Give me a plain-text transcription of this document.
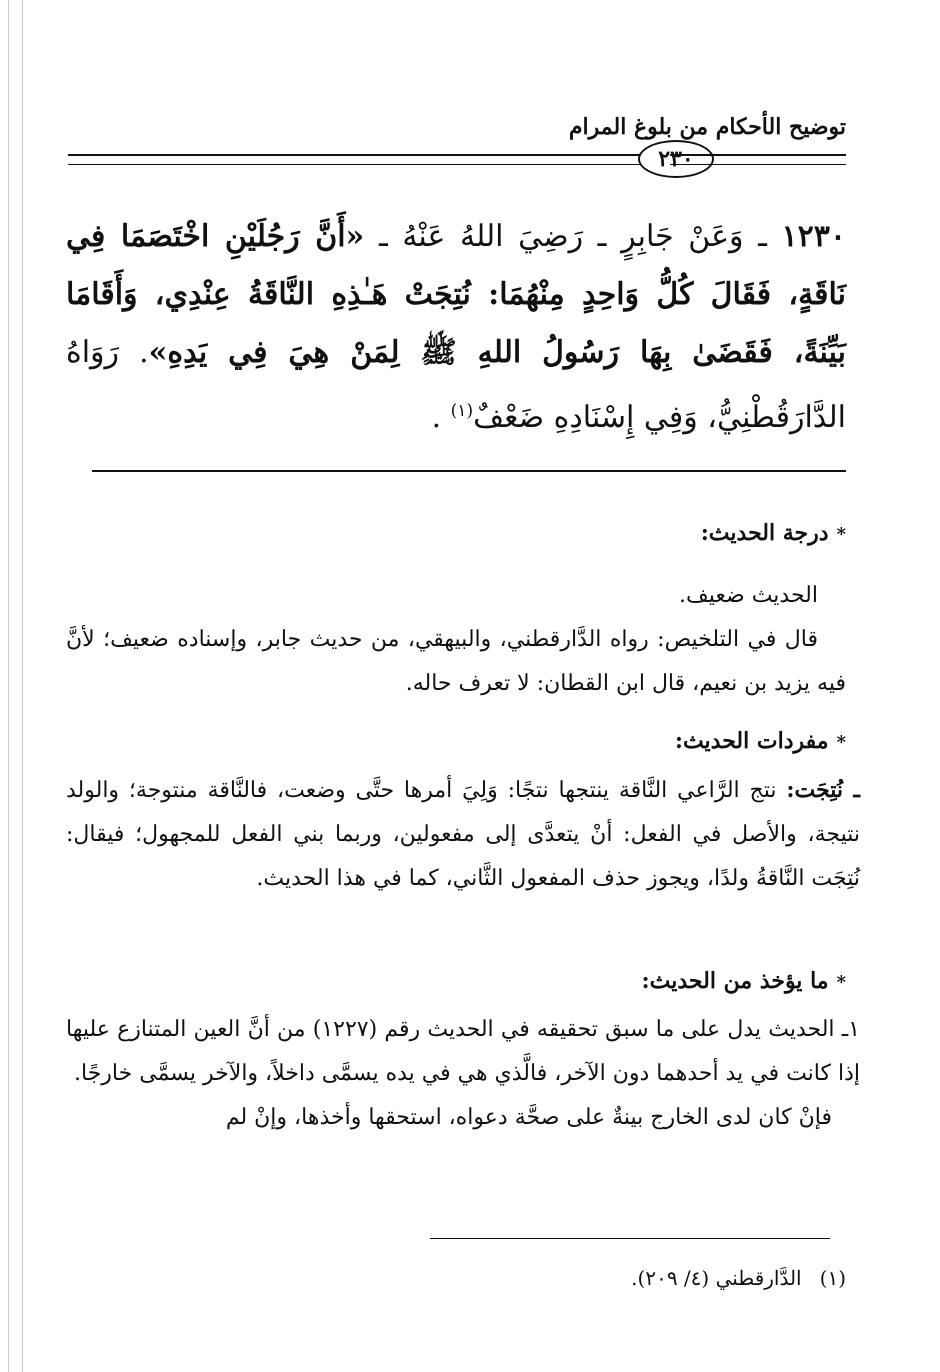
توضيح الأحكام من بلوغ المرام
٢٣٠
١٢٣٠ ـ وَعَنْ جَابِرٍ ـ رَضِيَ اللهُ عَنْهُ ـ «أَنَّ رَجُلَيْنِ اخْتَصَمَا فِي نَاقَةٍ، فَقَالَ كُلُّ وَاحِدٍ مِنْهُمَا: نُتِجَتْ هَـٰذِهِ النَّاقَةُ عِنْدِي، وَأَقَامَا بَيِّنَةً، فَقَضَىٰ بِهَا رَسُولُ اللهِ ﷺ لِمَنْ هِيَ فِي يَدِهِ». رَوَاهُ الدَّارَقُطْنِيُّ، وَفِي إِسْنَادِهِ ضَعْفٌ$^{(١)}$ .
*درجة الحديث:

الحديث ضعيف.

قال في التلخيص: رواه الدَّارقطني، والبيهقي، من حديث جابر، وإسناده ضعيف؛ لأنَّ فيه يزيد بن نعيم، قال ابن القطان: لا تعرف حاله.

*مفردات الحديث:

ـ نُتِجَت: نتج الرَّاعي النَّاقة ينتجها نتجًا: وَلِيَ أمرها حتَّى وضعت، فالنَّاقة منتوجة؛ والولد نتيجة، والأصل في الفعل: أنْ يتعدَّى إلى مفعولين، وربما بني الفعل للمجهول؛ فيقال: نُتِجَت النَّاقةُ ولدًا، ويجوز حذف المفعول الثَّاني، كما في هذا الحديث.

*ما يؤخذ من الحديث:

١ـ الحديث يدل على ما سبق تحقيقه في الحديث رقم (١٢٢٧) من أنَّ العين المتنازع عليها إذا كانت في يد أحدهما دون الآخر، فالَّذي هي في يده يسمَّى داخلاً، والآخر يسمَّى خارجًا.

فإنْ كان لدى الخارج بينةٌ على صحَّة دعواه، استحقها وأخذها، وإنْ لم

(١)الدَّارقطني (٤/ ٢٠٩).
